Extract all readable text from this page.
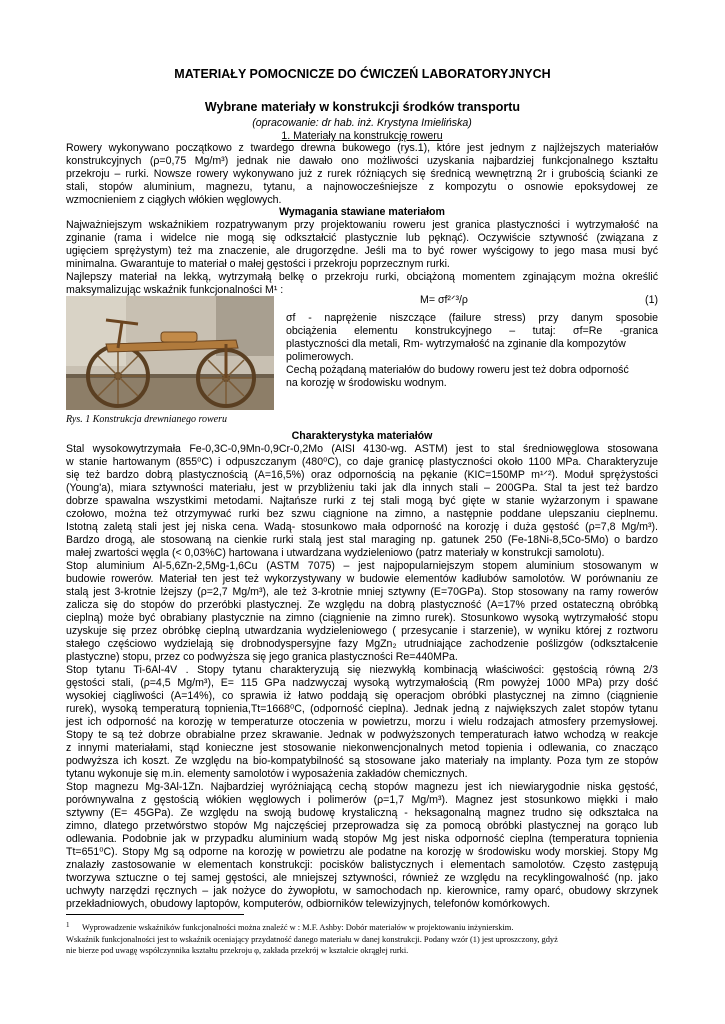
MATERIAŁY POMOCNICZE DO ĆWICZEŃ LABORATORYJNYCH
Wybrane materiały w konstrukcji środków transportu
(opracowanie: dr hab. inż. Krystyna Imielińska)
1. Materiały na konstrukcję roweru
Rowery wykonywano początkowo z twardego drewna bukowego (rys.1), które jest jednym z najlżejszych materiałów
konstrukcyjnych (ρ=0,75 Mg/m³) jednak nie dawało ono możliwości uzyskania najbardziej funkcjonalnego kształtu
przekroju – rurki. Nowsze rowery wykonywano już z rurek różniących się średnicą wewnętrzną 2r i grubością ścianki ze
stali, stopów aluminium, magnezu, tytanu, a najnowocześniejsze z kompozytu o osnowie epoksydowej ze
wzmocnieniem z ciągłych włókien węglowych.
Wymagania stawiane materiałom
Najważniejszym wskaźnikiem rozpatrywanym przy projektowaniu roweru jest granica plastyczności i wytrzymałość na
zginanie (rama i widelce nie mogą się odkształcić plastycznie lub pęknąć). Oczywiście sztywność (związana z
ugięciem sprężystym) też ma znaczenie, ale drugorzędne. Jeśli ma to być rower wyścigowy to jego masa musi być
minimalna. Gwarantuje to materiał o małej gęstości i przekroju poprzecznym rurki.
Najlepszy materiał na lekką, wytrzymałą belkę o przekroju rurki, obciążoną momentem zginającym można określić
maksymalizując wskaźnik funkcjonalności M¹ :
Rys. 1 Konstrukcja drewnianego roweru
M= σf²ᐟ³/ρ	(1)
σf - naprężenie niszczące (failure stress) przy danym sposobie
obciążenia elementu konstrukcyjnego – tutaj: σf=Re -granica
plastyczności dla metali, Rm- wytrzymałość na zginanie dla kompozytów
polimerowych.
Cechą pożądaną materiałów do budowy roweru jest też dobra odporność
na korozję w środowisku wodnym.
Charakterystyka materiałów
Stal wysokowytrzymała Fe-0,3C-0,9Mn-0,9Cr-0,2Mo (AISI 4130-wg. ASTM) jest to stal średniowęglowa stosowana
w stanie hartowanym (855⁰C) i odpuszczanym (480⁰C), co daje granicę plastyczności około 1100 MPa. Charakteryzuje
się też bardzo dobrą plastycznością (A=16,5%) oraz odpornością na pękanie (KIC=150MP m¹ᐟ²). Moduł sprężystości
(Young'a), miara sztywności materiału, jest w przybliżeniu taki jak dla innych stali – 200GPa. Stal ta jest też bardzo
dobrze spawalna wszystkimi metodami. Najtańsze rurki z tej stali mogą być gięte w stanie wyżarzonym i spawane
czołowo, można też otrzymywać rurki bez szwu ciągnione na zimno, a następnie poddane ulepszaniu cieplnemu.
Istotną zaletą stali jest jej niska cena. Wadą- stosunkowo mała odporność na korozję i duża gęstość (ρ=7,8 Mg/m³).
Bardzo drogą, ale stosowaną na cienkie rurki stalą jest stal maraging np. gatunek 250 (Fe-18Ni-8,5Co-5Mo) o bardzo
małej zwartości węgla (< 0,03%C) hartowana i utwardzana wydzieleniowo (patrz materiały w konstrukcji samolotu).
Stop aluminium Al-5,6Zn-2,5Mg-1,6Cu (ASTM 7075) – jest najpopularniejszym stopem aluminium stosowanym w
budowie rowerów. Materiał ten jest też wykorzystywany w budowie elementów kadłubów samolotów. W porównaniu ze
stalą jest 3-krotnie lżejszy (ρ=2,7 Mg/m³), ale też 3-krotnie mniej sztywny (E=70GPa). Stop stosowany na ramy rowerów
zalicza się do stopów do przeróbki plastycznej. Ze względu na dobrą plastyczność (A=17% przed ostateczną obróbką
cieplną) może być obrabiany plastycznie na zimno (ciągnienie na zimno rurek). Stosunkowo wysoką wytrzymałość stopu
uzyskuje się przez obróbkę cieplną utwardzania wydzieleniowego ( przesycanie i starzenie), w wyniku której z roztworu
stałego częściowo wydzielają się drobnodyspersyjne fazy MgZn₂ utrudniające zachodzenie poślizgów (odkształcenie
plastyczne) stopu, przez co podwyższa się jego granica plastyczności Re=440MPa.
Stop tytanu Ti-6Al-4V . Stopy tytanu charakteryzują się niezwykłą kombinacją właściwości: gęstością równą 2/3
gęstości stali, (ρ=4,5 Mg/m³), E= 115 GPa nadzwyczaj wysoką wytrzymałością (Rm powyżej 1000 MPa) przy dość
wysokiej ciągliwości (A=14%), co sprawia iż łatwo poddają się operacjom obróbki plastycznej na zimno (ciągnienie
rurek), wysoką temperaturą topnienia,Tt=1668⁰C, (odporność cieplna). Jednak jedną z największych zalet stopów tytanu
jest ich odporność na korozję w temperaturze otoczenia w powietrzu, morzu i wielu rodzajach atmosfery przemysłowej.
Stopy te są też dobrze obrabialne przez skrawanie. Jednak w podwyższonych temperaturach łatwo wchodzą w reakcje
z innymi materiałami, stąd konieczne jest stosowanie niekonwencjonalnych metod topienia i odlewania, co znacząco
podwyższa ich koszt. Ze względu na bio-kompatybilność są stosowane jako materiały na implanty. Poza tym ze stopów
tytanu wykonuje się m.in. elementy samolotów i wyposażenia zakładów chemicznych.
Stop magnezu Mg-3Al-1Zn. Najbardziej wyróżniającą cechą stopów magnezu jest ich niewiarygodnie niska gęstość,
porównywalna z gęstością włókien węglowych i polimerów (ρ=1,7 Mg/m³). Magnez jest stosunkowo miękki i mało
sztywny (E= 45GPa). Ze względu na swoją budowę krystaliczną - heksagonalną magnez trudno się odkształca na
zimno, dlatego przetwórstwo stopów Mg najczęściej przeprowadza się za pomocą obróbki plastycznej na gorąco lub
odlewania. Podobnie jak w przypadku aluminium wadą stopów Mg jest niska odporność cieplna (temperatura topnienia
Tt=651⁰C). Stopy Mg są odporne na korozję w powietrzu ale podatne na korozję w środowisku wody morskiej. Stopy Mg
znalazły zastosowanie w elementach konstrukcji: pocisków balistycznych i elementach samolotów. Często zastępują
tworzywa sztuczne o tej samej gęstości, ale mniejszej sztywności, również ze względu na recyklingowalność (np. jako
uchwyty narzędzi ręcznych – jak nożyce do żywopłotu, w samochodach np. kierownice, ramy oparć, obudowy skrzynek
przekładniowych, obudowy laptopów, komputerów, odbiorników telewizyjnych, telefonów komórkowych.
1 Wyprowadzenie wskaźników funkcjonalności można znaleźć w : M.F. Ashby: Dobór materiałów w projektowaniu inżynierskim.
Wskaźnik funkcjonalności jest to wskaźnik oceniający przydatność danego materiału w danej konstrukcji. Podany wzór (1) jest uproszczony, gdyż
nie bierze pod uwagę współczynnika kształtu przekroju φ, zakłada przekrój w kształcie okrągłej rurki.
